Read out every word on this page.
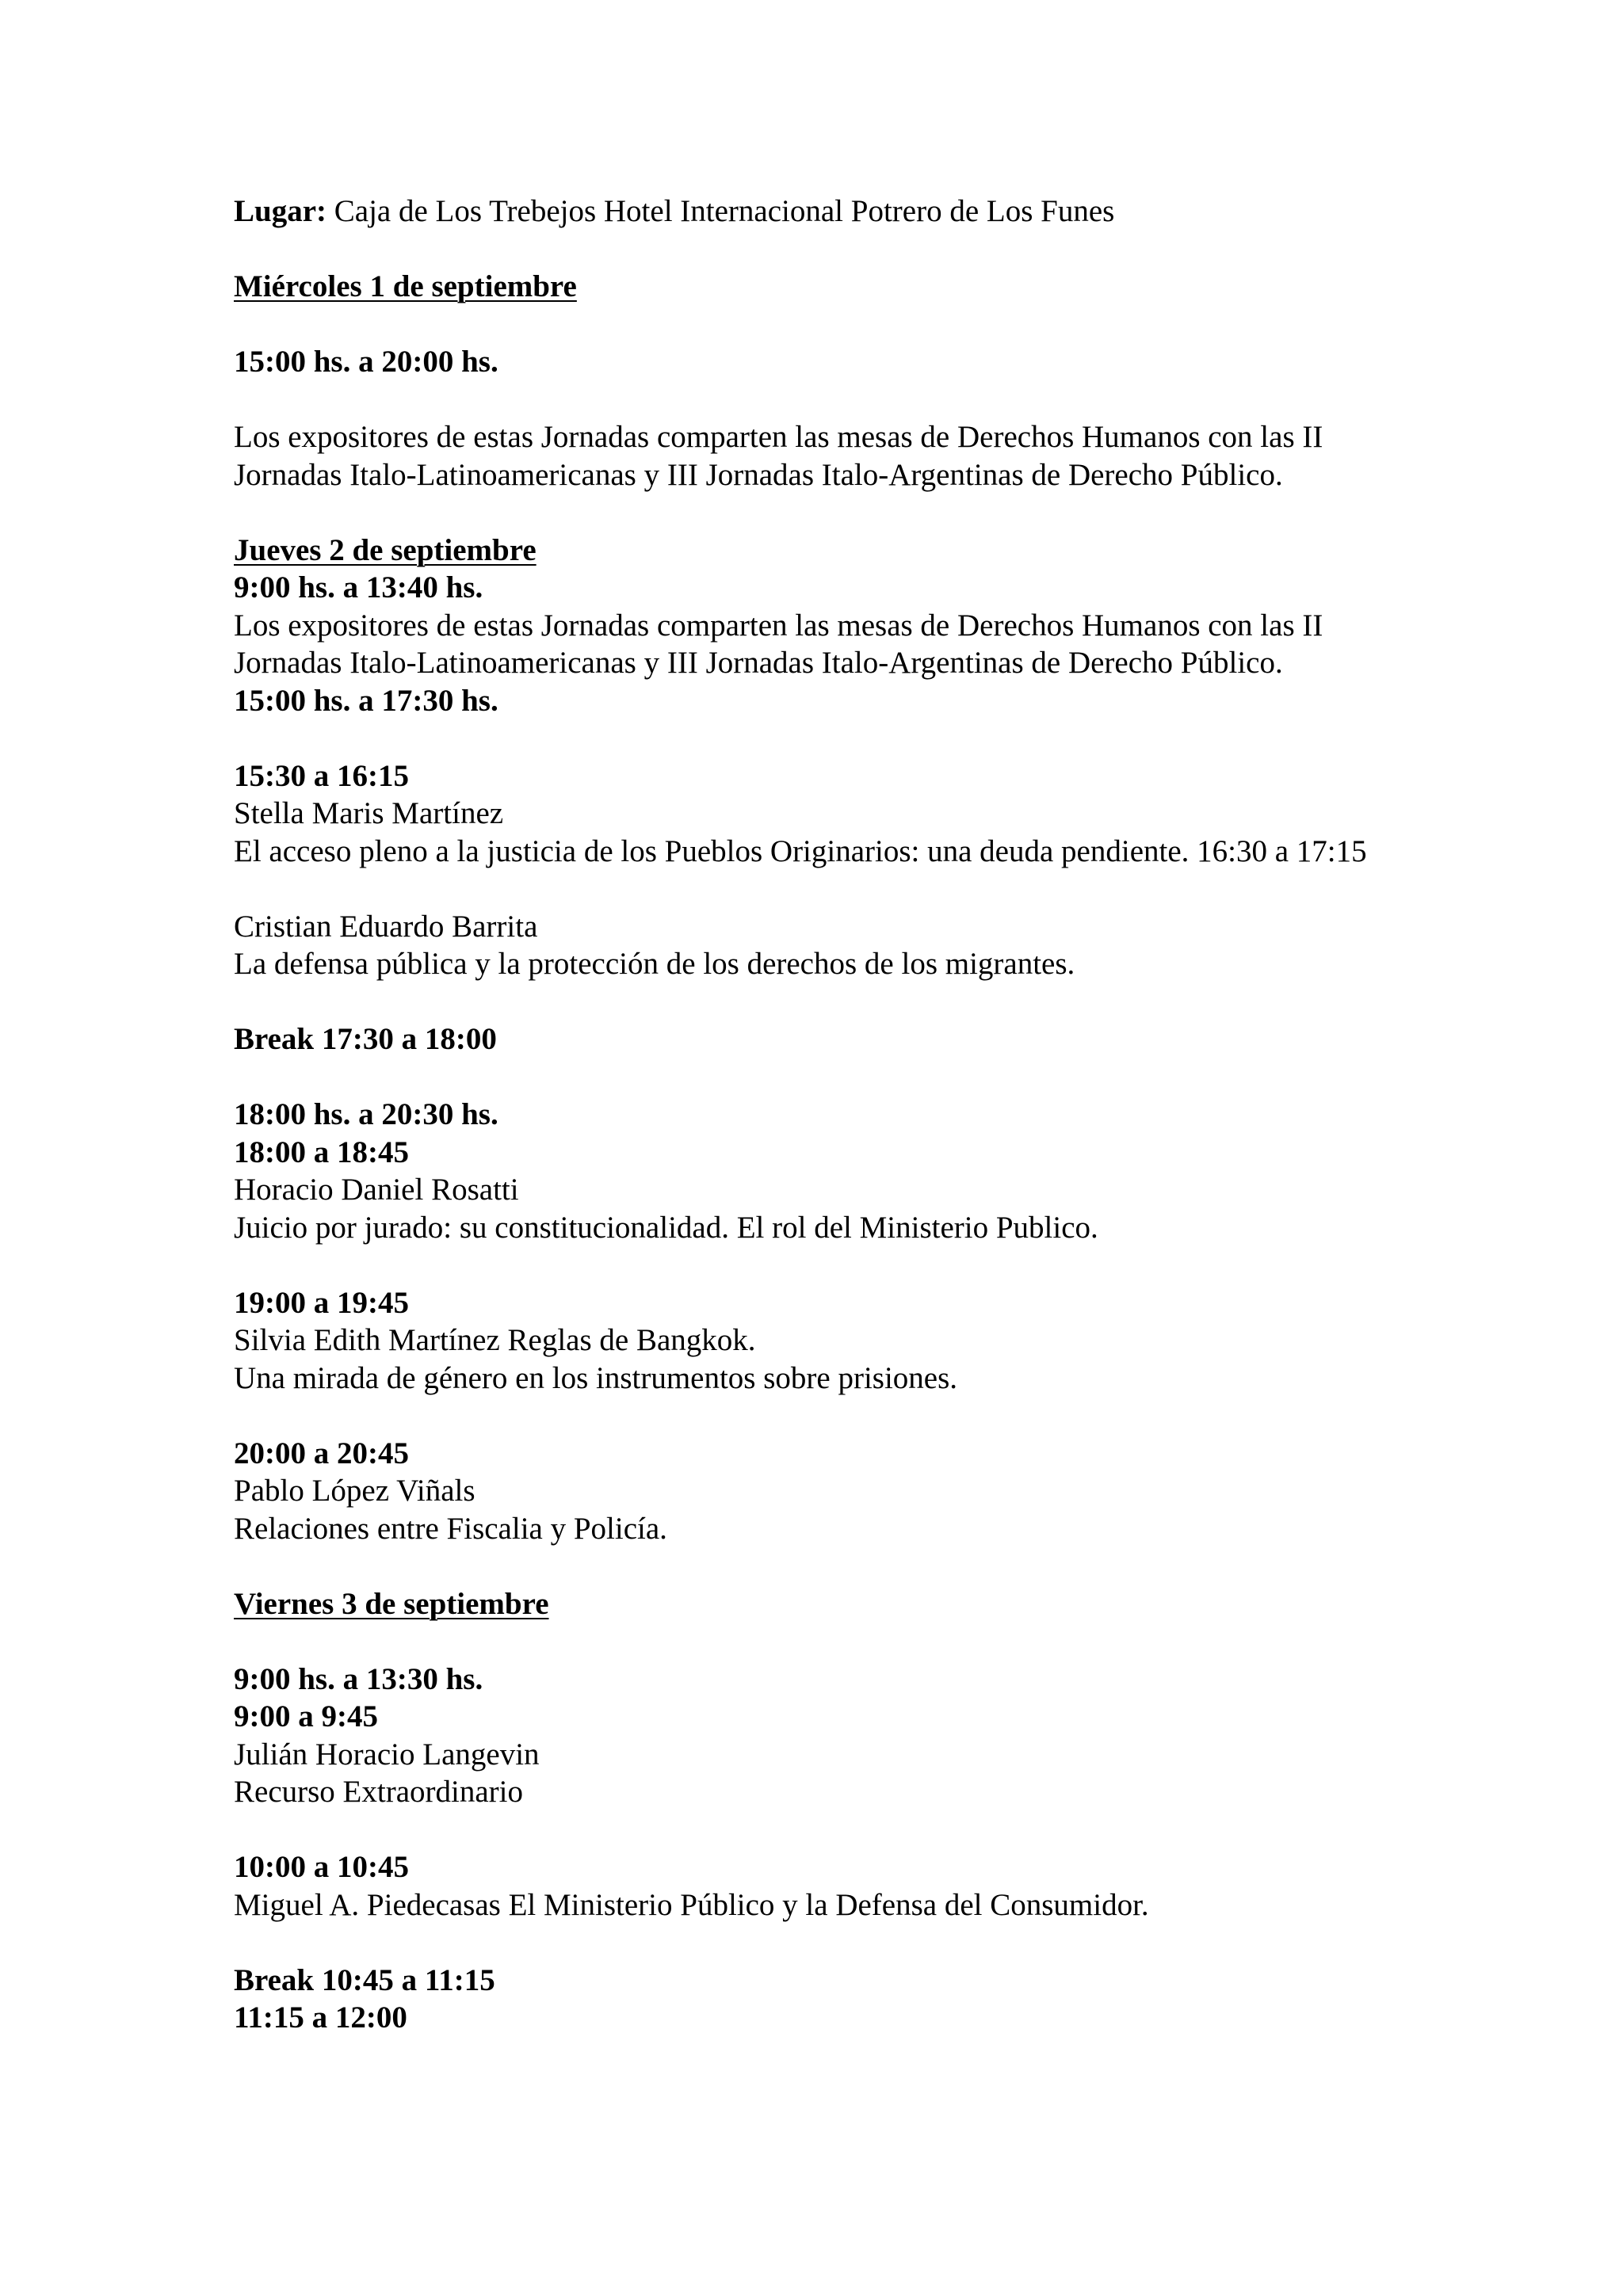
Lugar: Caja de Los Trebejos Hotel Internacional Potrero de Los Funes
Miércoles 1 de septiembre
15:00 hs. a 20:00 hs.
Los expositores de estas Jornadas comparten las mesas de Derechos Humanos con las II
Jornadas Italo-Latinoamericanas y III Jornadas Italo-Argentinas de Derecho Público.
Jueves 2 de septiembre
9:00 hs. a 13:40 hs.
Los expositores de estas Jornadas comparten las mesas de Derechos Humanos con las II
Jornadas Italo-Latinoamericanas y III Jornadas Italo-Argentinas de Derecho Público.
15:00 hs. a 17:30 hs.
15:30 a 16:15
Stella Maris Martínez
El acceso pleno a la justicia de los Pueblos Originarios: una deuda pendiente. 16:30 a 17:15
Cristian Eduardo Barrita
La defensa pública y la protección de los derechos de los migrantes.
Break 17:30 a 18:00
18:00 hs. a 20:30 hs.
18:00 a 18:45
Horacio Daniel Rosatti
Juicio por jurado: su constitucionalidad. El rol del Ministerio Publico.
19:00 a 19:45
Silvia Edith Martínez Reglas de Bangkok.
Una mirada de género en los instrumentos sobre prisiones.
20:00 a 20:45
Pablo López Viñals
Relaciones entre Fiscalia y Policía.
Viernes 3 de septiembre
9:00 hs. a 13:30 hs.
9:00 a 9:45
Julián Horacio Langevin
Recurso Extraordinario
10:00 a 10:45
Miguel A. Piedecasas El Ministerio Público y la Defensa del Consumidor.
Break 10:45 a 11:15
11:15 a 12:00
